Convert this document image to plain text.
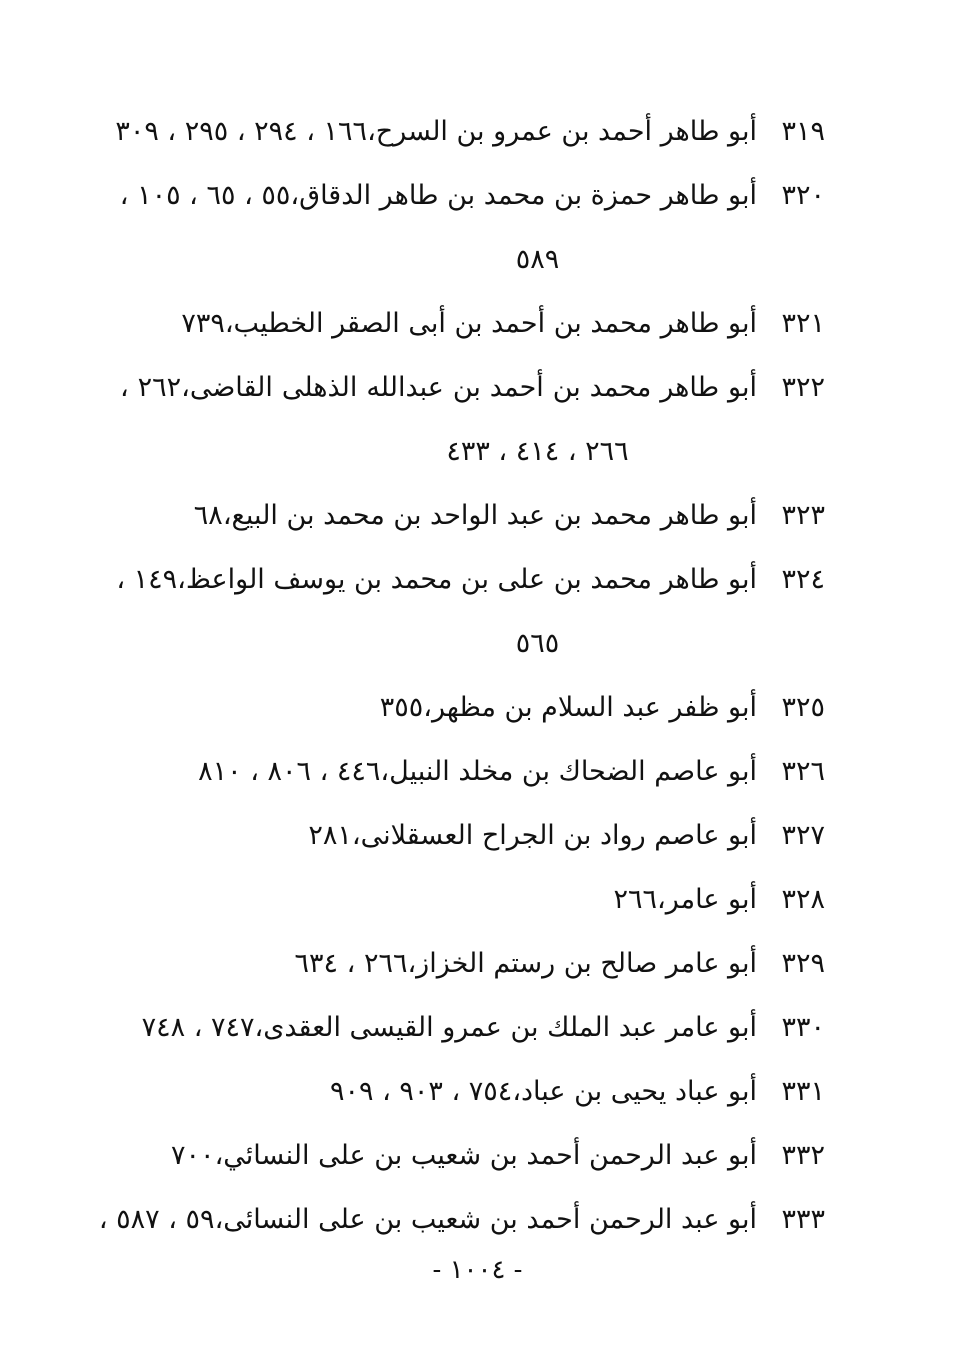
٣١٩
أبو طاهر أحمد بن عمرو بن السرح،١٦٦ ، ٢٩٤ ، ٢٩٥ ، ٣٠٩
٣٢٠
أبو طاهر حمزة بن محمد بن طاهر الدقاق،٥٥ ، ٦٥ ، ١٠٥ ،
٥٨٩
٣٢١
أبو طاهر محمد بن أحمد بن أبى الصقر الخطيب،٧٣٩
٣٢٢
أبو طاهر محمد بن أحمد بن عبدالله الذهلى القاضى،٢٦٢ ،
٢٦٦ ، ٤١٤ ، ٤٣٣
٣٢٣
أبو طاهر محمد بن عبد الواحد بن محمد بن البيع،٦٨
٣٢٤
أبو طاهر محمد بن على بن محمد بن يوسف الواعظ،١٤٩ ،
٥٦٥
٣٢٥
أبو ظفر عبد السلام بن مظهر،٣٥٥
٣٢٦
أبو عاصم الضحاك بن مخلد النبيل،٤٤٦ ، ٨٠٦ ، ٨١٠
٣٢٧
أبو عاصم رواد بن الجراح العسقلانى،٢٨١
٣٢٨
أبو عامر،٢٦٦
٣٢٩
أبو عامر صالح بن رستم الخزاز،٢٦٦ ، ٦٣٤
٣٣٠
أبو عامر عبد الملك بن عمرو القيسى العقدى،٧٤٧ ، ٧٤٨
٣٣١
أبو عباد يحيى بن عباد،٧٥٤ ، ٩٠٣ ، ٩٠٩
٣٣٢
أبو عبد الرحمن أحمد بن شعيب بن على النسائي،٧٠٠
٣٣٣
أبو عبد الرحمن أحمد بن شعيب بن على النسائى،٥٩ ، ٥٨٧ ،
- ١٠٠٤ -
